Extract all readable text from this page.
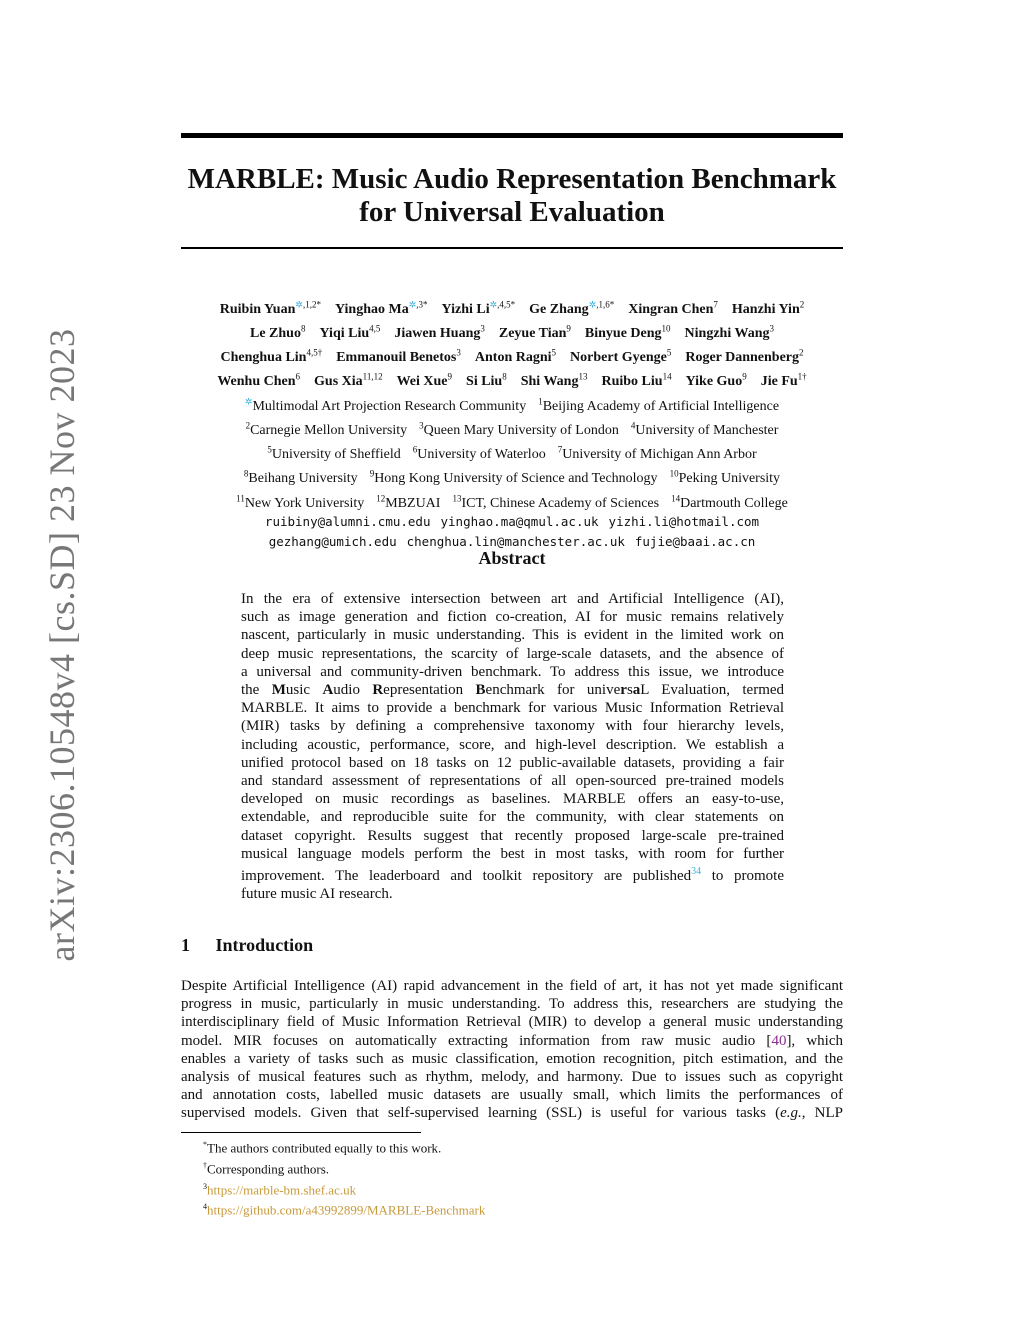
arXiv:2306.10548v4 [cs.SD] 23 Nov 2023
MARBLE: Music Audio Representation Benchmark
for Universal Evaluation
Ruibin Yuan$^{✲,1,2*}$ Yinghao $Ma^{✲,3*}$ Yizhi $Li^{✲,4,5*}$ Ge Zhang$^{✲,1,6*}$ Xingran Chen$^7$ Hanzhi Yin$^2$
Le Zhuo$^8$ Yiqi Liu$^{4,5}$ Jiawen Huang$^3$ Zeyue Tian$^9$ Binyue Deng$^{10}$ Ningzhi Wang$^3$
Chenghua Lin$^{4,5\dagger}$ Emmanouil Benetos$^3$ Anton Ragni$^5$ Norbert Gyenge$^5$ Roger Dannenberg$^2$
Wenhu Chen$^6$ Gus Xia$^{11,12}$ Wei Xue$^9$ Si Liu$^8$ Shi Wang$^{13}$ Ruibo Liu$^{14}$ Yike Guo$^9$ Jie $Fu^{1\dagger}$
✲Multimodal Art Projection Research Community $^1$Beijing Academy of Artificial Intelligence
$^2$Carnegie Mellon University $^3$Queen Mary University of London $^4$University of Manchester
$^5$University of Sheffield $^6$University of Waterloo $^7$University of Michigan Ann Arbor
$^8$Beihang University $^9$Hong Kong University of Science and Technology $^{10}$Peking University
$^{11}$New York University $^{12}$MBZUAI $^{13}$ICT, Chinese Academy of Sciences $^{14}$Dartmouth College
ruibiny@alumni.cmu.edu yinghao.ma@qmul.ac.uk yizhi.li@hotmail.com
gezhang@umich.edu chenghua.lin@manchester.ac.uk fujie@baai.ac.cn
Abstract
In the era of extensive intersection between art and Artificial Intelligence (AI),
such as image generation and fiction co-creation, AI for music remains relatively
nascent, particularly in music understanding. This is evident in the limited work on
deep music representations, the scarcity of large-scale datasets, and the absence of
a universal and community-driven benchmark. To address this issue, we introduce
the Music Audio Representation Benchmark for universaL Evaluation, termed
MARBLE. It aims to provide a benchmark for various Music Information Retrieval
(MIR) tasks by defining a comprehensive taxonomy with four hierarchy levels,
including acoustic, performance, score, and high-level description. We establish a
unified protocol based on 18 tasks on 12 public-available datasets, providing a fair
and standard assessment of representations of all open-sourced pre-trained models
developed on music recordings as baselines. MARBLE offers an easy-to-use,
extendable, and reproducible suite for the community, with clear statements on
dataset copyright. Results suggest that recently proposed large-scale pre-trained
musical language models perform the best in most tasks, with room for further
improvement. The leaderboard and toolkit repository are published$^{34}$ to promote
future music AI research.
1 Introduction
Despite Artificial Intelligence (AI) rapid advancement in the field of art, it has not yet made significant
progress in music, particularly in music understanding. To address this, researchers are studying the
interdisciplinary field of Music Information Retrieval (MIR) to develop a general music understanding
model. MIR focuses on automatically extracting information from raw music audio [40], which
enables a variety of tasks such as music classification, emotion recognition, pitch estimation, and the
analysis of musical features such as rhythm, melody, and harmony. Due to issues such as copyright
and annotation costs, labelled music datasets are usually small, which limits the performances of
supervised models. Given that self-supervised learning (SSL) is useful for various tasks (e.g., NLP
*The authors contributed equally to this work.
†Corresponding authors.
$^3$https://marble-bm.shef.ac.uk
$^4$https://github.com/a43992899/MARBLE-Benchmark
